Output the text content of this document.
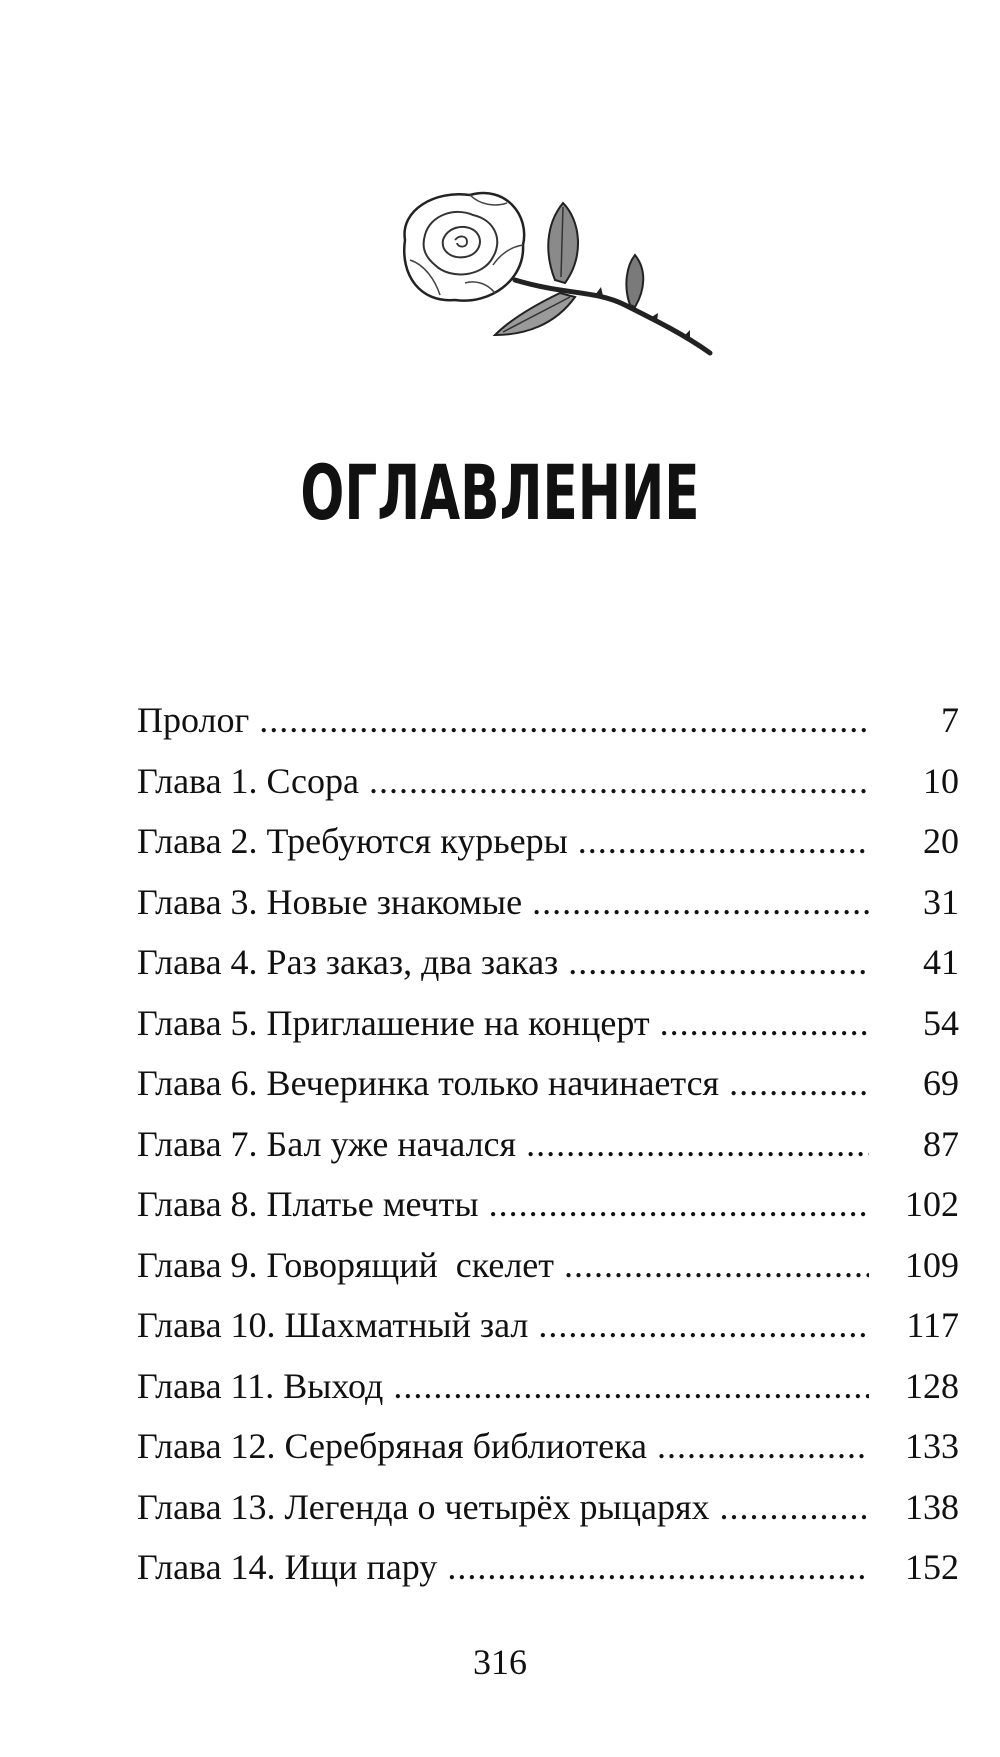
ОГЛАВЛЕНИЕ
Пролог .....	7
Глава 1. Ссора .....	10
Глава 2. Требуются курьеры .....	20
Глава 3. Новые знакомые .....	31
Глава 4. Раз заказ, два заказ .....	41
Глава 5. Приглашение на концерт .....	54
Глава 6. Вечеринка только начинается .....	69
Глава 7. Бал уже начался .....	87
Глава 8. Платье мечты .....	102
Глава 9. Говорящий  скелет .....	109
Глава 10. Шахматный зал .....	117
Глава 11. Выход .....	128
Глава 12. Серебряная библиотека .....	133
Глава 13. Легенда о четырёх рыцарях .....	138
Глава 14. Ищи пару .....	152
316
